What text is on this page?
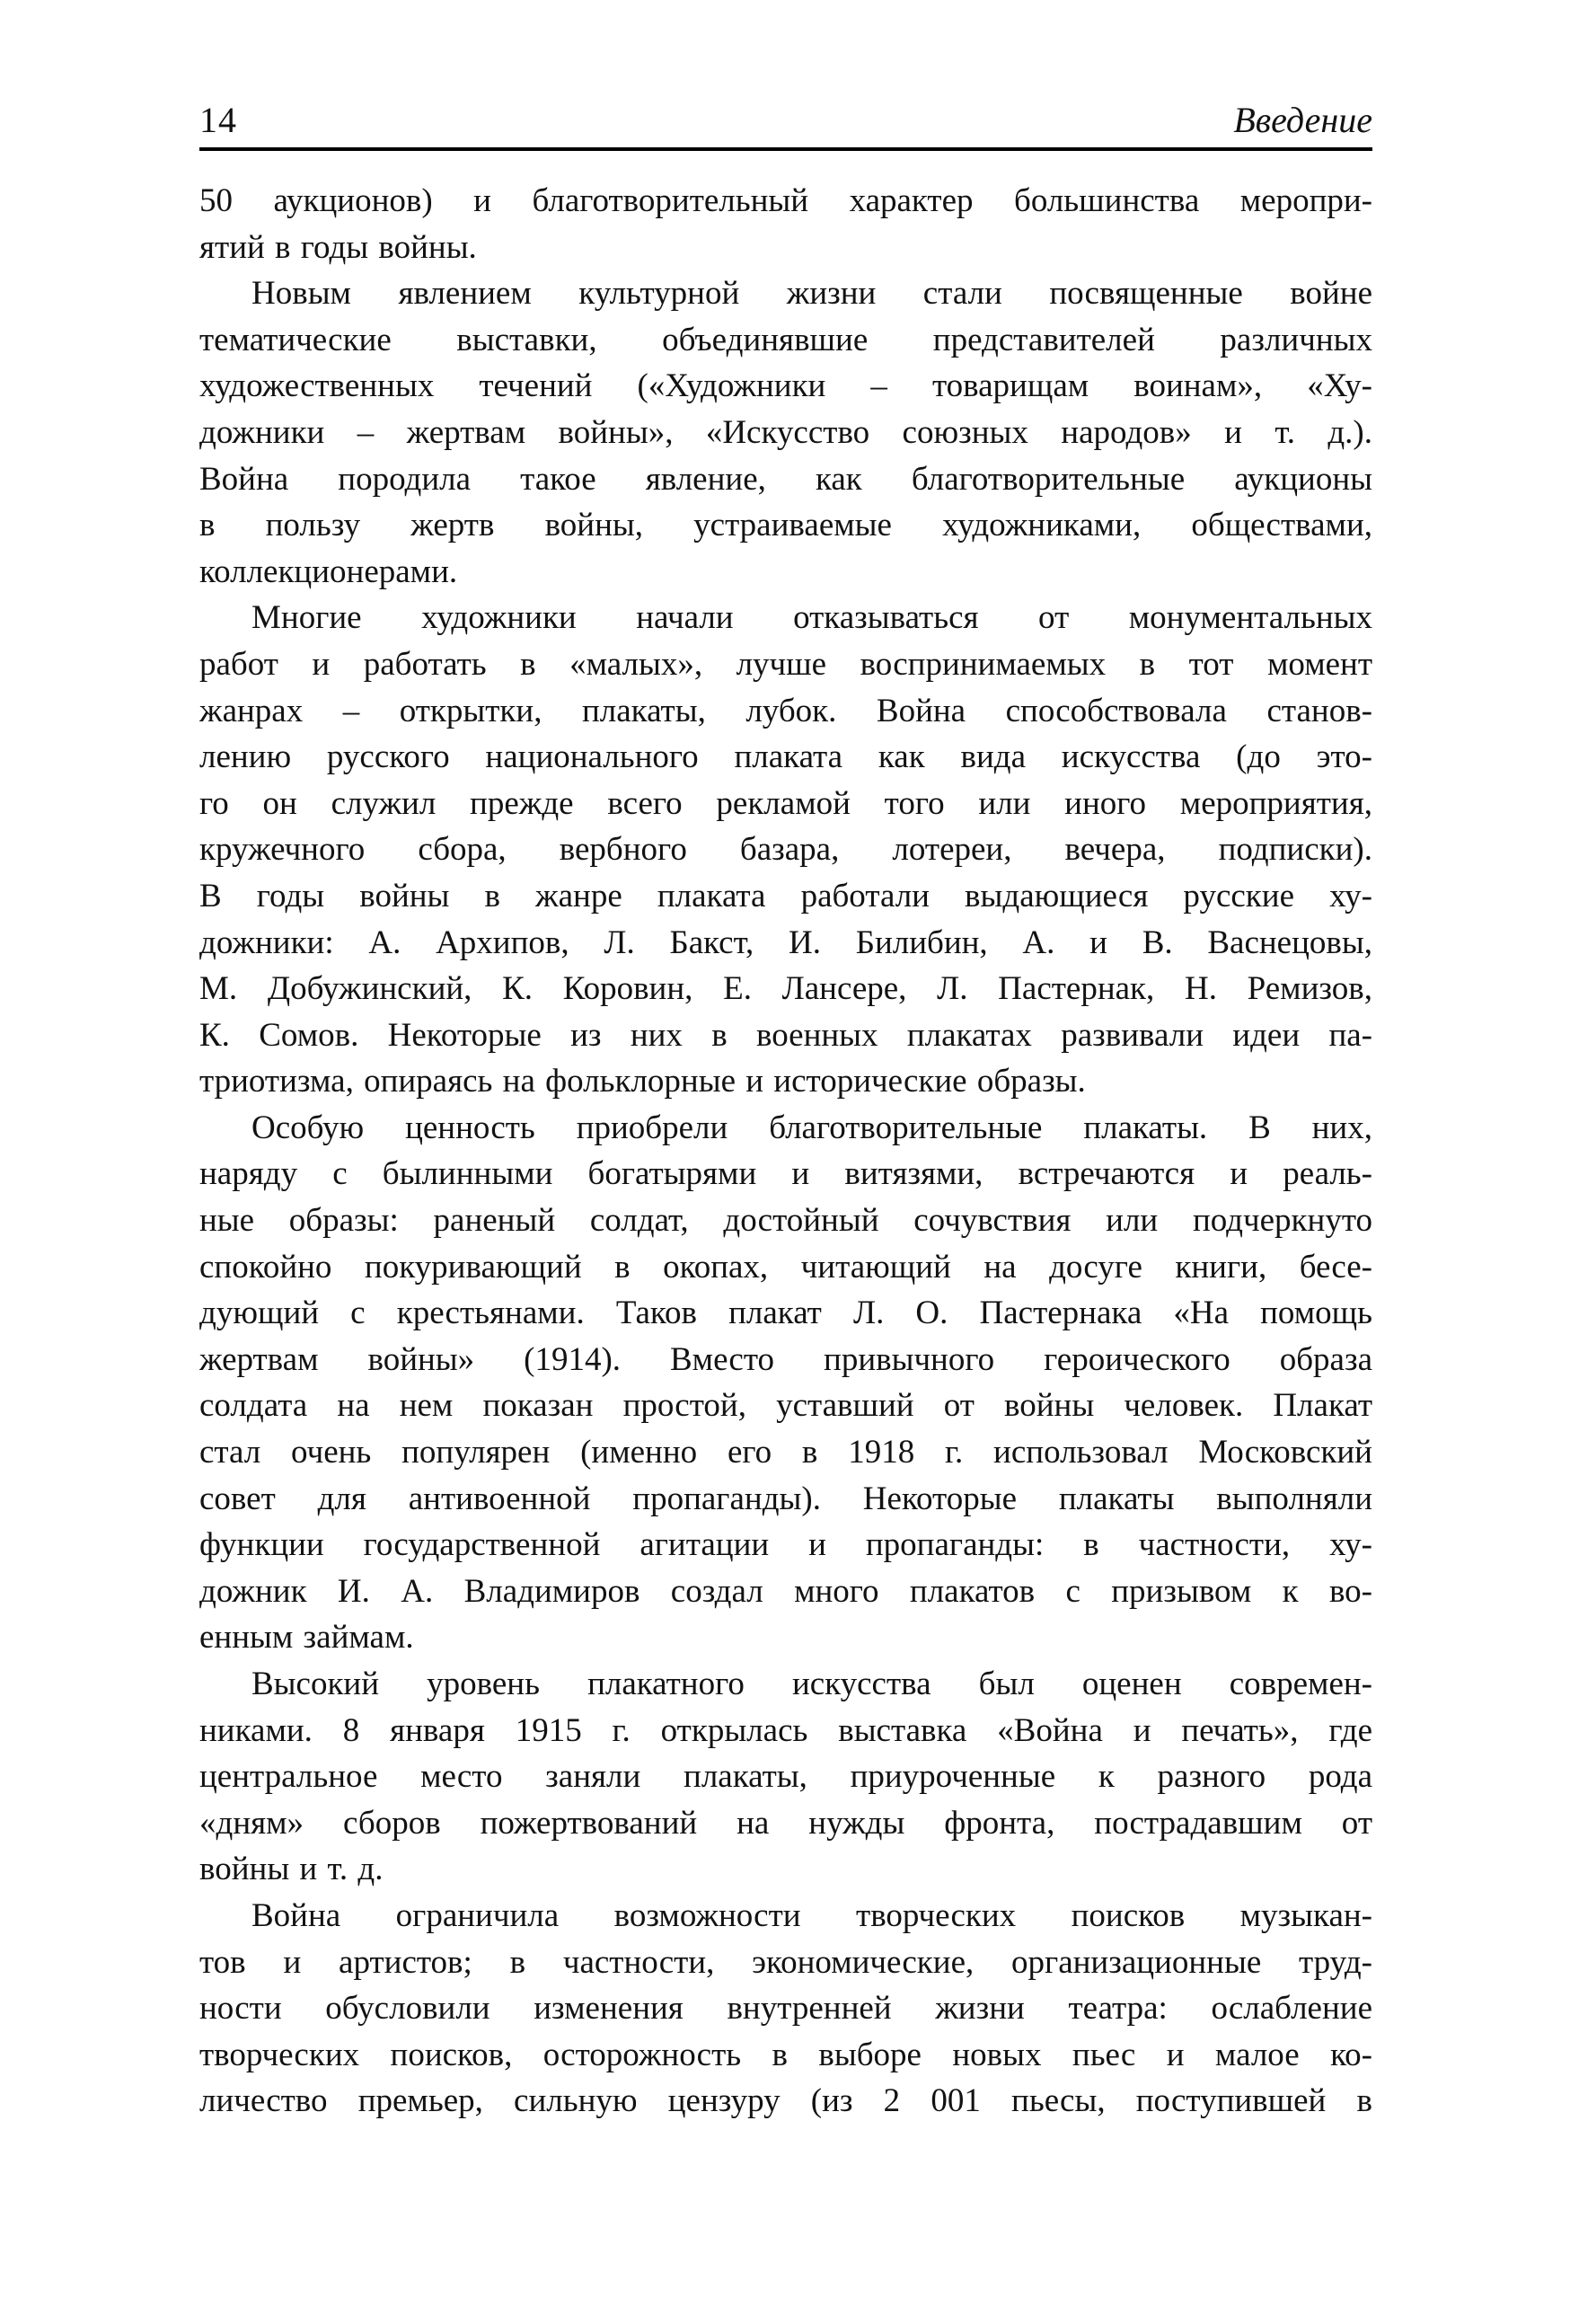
14	Введение

50 аукционов) и благотворительный характер большинства меропри-
ятий в годы войны.

Новым явлением культурной жизни стали посвященные войне
тематические выставки, объединявшие представителей различных
художественных течений («Художники – товарищам воинам», «Ху-
дожники – жертвам войны», «Искусство союзных народов» и т. д.).
Война породила такое явление, как благотворительные аукционы
в пользу жертв войны, устраиваемые художниками, обществами,
коллекционерами.

Многие художники начали отказываться от монументальных
работ и работать в «малых», лучше воспринимаемых в тот момент
жанрах – открытки, плакаты, лубок. Война способствовала станов-
лению русского национального плаката как вида искусства (до это-
го он служил прежде всего рекламой того или иного мероприятия,
кружечного сбора, вербного базара, лотереи, вечера, подписки).
В годы войны в жанре плаката работали выдающиеся русские ху-
дожники: А. Архипов, Л. Бакст, И. Билибин, А. и В. Васнецовы,
М. Добужинский, К. Коровин, Е. Лансере, Л. Пастернак, Н. Ремизов,
К. Сомов. Некоторые из них в военных плакатах развивали идеи па-
триотизма, опираясь на фольклорные и исторические образы.

Особую ценность приобрели благотворительные плакаты. В них,
наряду с былинными богатырями и витязями, встречаются и реаль-
ные образы: раненый солдат, достойный сочувствия или подчеркнуто
спокойно покуривающий в окопах, читающий на досуге книги, бесе-
дующий с крестьянами. Таков плакат Л. О. Пастернака «На помощь
жертвам войны» (1914). Вместо привычного героического образа
солдата на нем показан простой, уставший от войны человек. Плакат
стал очень популярен (именно его в 1918 г. использовал Московский
совет для антивоенной пропаганды). Некоторые плакаты выполняли
функции государственной агитации и пропаганды: в частности, ху-
дожник И. А. Владимиров создал много плакатов с призывом к во-
енным займам.

Высокий уровень плакатного искусства был оценен современ-
никами. 8 января 1915 г. открылась выставка «Война и печать», где
центральное место заняли плакаты, приуроченные к разного рода
«дням» сборов пожертвований на нужды фронта, пострадавшим от
войны и т. д.

Война ограничила возможности творческих поисков музыкан-
тов и артистов; в частности, экономические, организационные труд-
ности обусловили изменения внутренней жизни театра: ослабление
творческих поисков, осторожность в выборе новых пьес и малое ко-
личество премьер, сильную цензуру (из 2 001 пьесы, поступившей в
